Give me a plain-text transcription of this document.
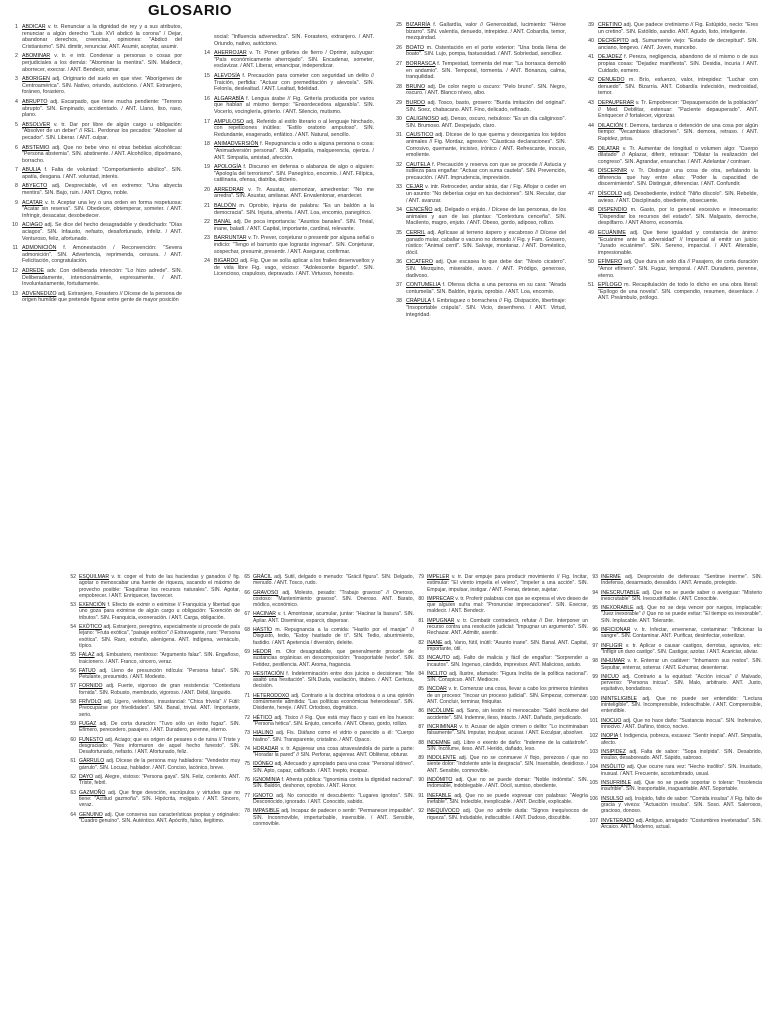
GLOSARIO
1 ABDICAR v. tr. Renunciar a la dignidad de rey y a sus atributos, renunciar a algún derecho "Luis XVI abdicó la corona" / Dejar, abandonar derechos, creencias, opiniones: "Abdicó del Cristianismo". SIN. dimitir, renunciar. ANT. Asumir, aceptar, asumir.
2 ABOMINAR v. tr. e intr. Condenar a personas o cosas por perjudiciales a los demás: "Abominar la mentira". SIN. Maldecir, aborrecer, execrar. / ANT. Bendecir, amar.
3 ABORIGEN adj. Originario del suelo en que vive: "Aborígenes de Centroamérica". SIN. Nativo, oriundo, autóctono. / ANT. Extranjero, foráneo, forastero.
4 ABRUPTO adj. Escarpado, que tiene mucha pendiente: "Terreno abrupto". SIN. Empinado, accidentado. / ANT. Llano, liso, raso, plano.
5 ABSOLVER v. tr. Dar por libre de algún cargo u obligación: "Absolver de un deber" // REL. Perdonar los pecados: "Absolver al pecador". SIN. Liberar. / ANT. culpar.
6 ABSTEMIO adj. Que no bebe vino ni otras bebidas alcohólicas: "Persona abstemia". SIN. abstinente. / ANT. Alcohólico, dipsómano, borracho.
7 ABULIA f. Falta de voluntad: "Comportamiento abúlico". SIN. apatía, desgana. / ANT. voluntad, interés.
8 ABYECTO adj. Despreciable, vil en extremo: "Una abyecta mentira". SIN. Bajo, ruin. / ANT. Digno, noble.
9 ACATAR v. tr. Aceptar una ley o una orden en forma respetuosa: "Acatar sin reserva". SIN. Obedecer, obtemperar, someter. / ANT. Infringir, desacatar, desobedecer.
10 ACIAGO adj. Se dice del hecho desagradable y desdichado: "Días aciagos". SIN. Infausto, nefasto, desafortunado, infeliz. / ANT. Venturoso, feliz, afortunado.
11 ADMONICIÓN f. Amonestación / Reconvención: "Severa admonición". SIN. Advertencia, reprimenda, censura. / ANT. Felicitación, congratulación.
12 ADREDE adv. Con deliberada intención: "Lo hizo adrede". SIN. Deliberadamente, intencionalmente, expresamente. / ANT. Involuntariamente, fortuitamente.
13 ADVENEDIZO adj. Extranjero, Forastero // Dícese de la persona de origen humilde que pretende figurar entre gente de mayor posición
social: "Influencia advenediza". SIN. Forastero, extranjero. / ANT. Oriundo, nativo, autóctono.
14 AHERROJAR v. Tr. Poner grilletes de fierro / Oprimir, subyugar: "País económicamente aherrojado". SIN. Encadenar, someter, esclavizar. / ANT. Liberar, emancipar, independizar.
15 ALEVOSÍA f. Precaución para cometer con seguridad un delito // Traición, perfidia: "Actuar con premeditación y alevosía". SIN. Felonía, deslealtad. / ANT. Lealtad, fidelidad.
16 ALGARABÍA f. Lengua árabe // Fig. Gritería producida por varios que hablan al mismo tiempo: "Ensordecedora algarabía". SIN. Vocerío, vocinglería, griterío. / ANT. Silencio, mutismo.
17 AMPULOSO adj. Referido al estilo literario o al lenguaje hinchado, con repeticiones inútiles: "Estilo oratorio ampuloso". SIN. Redundante, exagerado, enfático. / ANT. Natural, sencillo.
18 ANIMADVERSIÓN f. Repugnancia u odio a alguna persona o cosa: "Animadversión personal". SIN. Antipatía, malquerencia, ojeriza. / ANT. Simpatía, amistad, afección.
19 APOLOGÍA f. Discurso en defensa o alabanza de algo o alguien: "Apología del terrorismo". SIN. Panegírico, encomio. / ANT. Filípica, catilinaria, ofensa, diatriba, dicterio.
20 ARREDRAR v. Tr. Asustar, atemorizar, amedrentar: "No me arredra". SIN. Asustar, amilanar. ANT. Envalentonar, enardecer.
21 BALDÓN m. Oprobio, injuria de palabra: "Es un baldón a la democracia". SIN. Injuria, afrenta. / ANT. Loa, encomio, panegírico.
22 BANAL adj. De poca importancia: "Asuntos banales". SIN. Trivial, inane, baladí. / ANT. Capital, importante, cardinal, relevante.
23 BARRUNTAR v. Tr. Prever, conjeturar o presentir por alguna señal o indicio: "Tengo el barrunto que lograrás ingresar". SIN. Conjeturar, sospechar, presumir, presentir. / ANT. Asegurar, confirmar.
24 BIGARDO adj. Fig. Que se solía aplicar a los frailes desenvueltos y de vida libre Fig. vago, vicioso: "Adolescente bigardo". SIN. Licencioso, crapuloso, depravado. / ANT. Virtuoso, honesto.
25 BIZARRÍA f. Gallardía, valor // Generosidad, lucimiento: "Héroe bizarro". SIN. valentía, denuedo, intrepidez. / ANT. Cobardía, temor, mezquindad.
26 BOATO m. Ostentación en el porte exterior: "Una boda llena de boato". SIN. Lujo, pompa, fastuosidad. / ANT. Sobriedad, sencillez.
27 BORRASCA f. Tempestad, tormenta del mar: "La borrasca demolió en andamio". SIN. Temporal, tormenta. / ANT. Bonanza, calma, tranquilidad.
28 BRUNO adj. De color negro u oscuro: "Pelo bruno". SIN. Negro, oscuro. / ANT. Blanco níveo, albo.
29 BURDO adj. Tosco, basto, grosero: "Burda imitación del original". SIN. Soez, chabacano. ANT. Fino, delicado, refinado.
30 CALIGINOSO adj. Denso, oscuro, nebuloso: "Es un día caliginoso". SIN. Brumoso. ANT. Despejado, claro.
31 CAUSTICO adj. Dícese de lo que quema y desorganiza los tejidos animales // Fig. Mordaz, agresivo: "Cáusticas declaraciones". SIN. Corrosivo, quemante, incisivo, irónico / ANT. Refrescante, inocuo, emoliente.
32 CAUTELA f. Precaución y reserva con que se procede // Astucia y sutileza para engañar: "Actuar con suma cautela". SIN. Prevención, precaución. / ANT. Imprudencia, imprevisión.
33 CEJAR v. intr. Retroceder, andar atrás, dar / Fig. Aflojar o ceder en un asunto: "No deberías cejar en tus decisiones". SIN. Recular, ciar / ANT. avanzar.
34 CENCEÑO adj. Delgado o enjuto. / Dícese de las personas, de los animales y aun de las plantas: "Contextura cenceña". SIN. Macilento, magro, enjuto. / ANT. Obeso, gordo, adiposo, rollizo.
35 CERRIL adj. Aplícase al terreno áspero y escabroso // Dícese del ganado mular, caballar o vacuno no domado // Fig. y Fam. Grosero, rústico: "Animal cerril". SIN. Salvaje, montaraz. / ANT. Doméstico, dócil.
36 CICATERO adj. Que escasea lo que debe dar: "Novio cicatero". SIN. Mezquino, miserable, avaro. / ANT. Pródigo, generoso, dadivoso.
37 CONTUMELIA f. Ofensa dicha a una persona en su cara: "Airada contumelia". SIN. Baldón, injuria, oprobio. / ANT. Loa, encomio.
38 CRÁPULA f. Embriaguez o borrachera // Fig. Disipación, libertinaje: "Insoportable crápula". SIN. Vicio, desenfreno. / ANT. Virtud, integridad.
39 CRETINO adj. Que padece cretinismo // Fig. Estúpido, necio: "Eres un cretino". SIN. Estólido, sandio. ANT. Agudo, listo, inteligente.
40 DECRÉPITO adj. Sumamente viejo: "Estado de decrepitud". SIN. anciano, longevo. / ANT. Joven, mancebo.
41 DEJADEZ f. Pereza, negligencia, abandono de sí mismo o de sus propias cosas: "Dejadez manifiesta". SIN. Desidia, incuria / ANT. Cuidado, esmero.
42 DENUEDO m. Brío, esfuerzo, valor, intrepidez: "Luchar con denuedo". SIN. Bizarría. ANT. Cobardía indecisión, medrosidad, temor.
43 DEPAUPERAR v. Tr. Empobrecer: "Depauperación de la población" // Med. Debilitar, extenuar: "Paciente depauperado". ANT. Enriquecer // fortalecer, vigorizar.
44 DILACIÓN f. Demora, tardanza o detención de una cosa por algún tiempo: "Vecambiaos dilaciones". SIN. demora, retraso. / ANT. Rapidez, prisa.
45 DILATAR v. Tr. Aumentar de longitud o volumen algo: "Cuerpo dilatado" // Aplazar, diferir, retrasar: "Dilatar la realización del congreso". SIN. Agrandar, ensanchar. / ANT. Adelantar / contraer.
46 DISCERNIR v. Tr. Distinguir una cosa de otra, señalando la diferencia que hay entre ellas: "Poder la capacidad de discernimiento". SIN. Distinguir, diferenciar. / ANT. Confundir.
47 DÍSCOLO adj. Desobediente, indócil: "Niño díscolo". SIN. Rebelde, avieso. / ANT. Disciplinado, obediente, obsecuente.
48 DISPENDIO m. Gasto, por lo general excesivo e innecesario: "Dispendiar los recursos del estado". SIN. Malgasto, derroche, despilfarro. / ANT Ahorro, economía.
49 ECUÁNIME adj. Que tiene igualdad y constancia de ánimo: "Ecuánime ante la adversidad" // Imparcial al emitir un juicio: "Jurado ecuánime". SIN. Sereno, imparcial. / ANT. Alterable, impresionable.
50 EFÍMERO adj. Que dura un solo día // Pasajero, de corta duración "Amor efímero". SIN. Fugaz, temporal. / ANT. Duradero, perenne, eterno.
51 EPÍLOGO m. Recapitulación de todo lo dicho en una obra literal: "Epílogo de una novela". SIN. compendio, resumen, desenlace. / ANT. Preámbulo, prólogo.
52 ESQUILMAR v. tr. coger el fruto de las haciendas y ganados // fig. agotar o menoscabar una fuente de riqueza, sacando el máximo de provecho posible: "Esquilmar los recursos naturales". SIN. Agotar, empobrecer. / ANT. Enriquecer, favorecer.
53 EXENCIÓN f. Efecto de eximir o eximirse // Franquicia y libertad que uno goza para eximirse de algún cargo u obligación: "Exención de tributos". SIN. Franquicia, exoneración. / ANT. Carga, obligación.
54 EXÓTICO adj. Extranjero, peregrino, especialmente si procede de país lejano: "Fruta exótica", "paisaje exótico" // Extravagante, raro: "Persona exótica". SIN. Raro, extraño, alienígena. ANT. indígena, vernáculo, típico.
55 FALAZ adj. Embustero, mentiroso: "Argumento falaz". SIN. Engañoso, traicionero. / ANT. Franco, sincero, veraz.
56 FATUO adj. Lleno de presunción ridícula: "Persona fatua". SIN. Petulante, presumido. / ANT. Modesto.
57 FORNIDO adj. Fuerte, vigoroso de gran resistencia: "Contextura fornida". SIN. Robusto, membrudo, vigoroso. / ANT. Débil, lánguido.
58 FRÍVOLO adj. Ligero, veleidoso, insustancial: "Chica frívola" // Fútil: Preocuparse por frivolidades". SIN. Banal, trivial. ANT. Importante, serio.
59 FUGAZ adj. De corta duración: "Tuvo sólo un éxito fugaz". SIN. Efímero, perecedero, pasajero. / ANT. Duradero, perenne, eterno.
60 FUNESTO adj. Aciago; que es origen de pesares o de ruina // Triste y desgraciado: "Nos informaron de aquel hecho funesto". SIN. Desafortunado, nefasto. / ANT. Afortunado, feliz.
61 GÁRRULO adj. Dícese de la persona muy habladora: "Vendedor muy gárrulo". SIN. Locuaz, hablador. / ANT. Conciso, lacónico, breve.
62 DAYO adj. Alegre, vistoso: "Persona gaya". SIN. Feliz, contento. ANT. Triste, febril.
63 GAZMOÑO adj. Que finge devoción, escrúpulos y virtudes que no tiene: "Actitud gazmoña". SIN. Hipócrita, mojigato. / ANT. Sincero, veraz.
64 GENUINO adj. Que conserva sus características propias y originales: "Cuadro genuino". SIN. Auténtico. ANT. Apócrifo, falso, ilegítimo.
65 GRÁCIL adj. Sutil, delgado o menudo: "Grácil figura". SIN. Delgado, menudo. / ANT. Tosco, rudo.
66 GRAVOSO adj. Molesto, pesado: "Trabajo gravoso" // Oneroso, costoso: "Mantenimiento gravoso". SIN. Oneroso. ANT. Barato, módico, económico.
67 HACINAR v. t. Amontonar, acumular, juntar: "Hacinar la basura". SIN. Apilar. ANT. Diseminar, esparcir, dispersar.
68 HASTÍO m. Repugnancia a la comida: "Hastío por el manjar" // Disgusto, tedio, "Estoy hastiado de ti". SIN. Tedio, aburrimiento, fastidio. / ANT. Apetencia / diversión, deleite.
69 HEDOR m. Olor desagradable, que generalmente procede de sustancias orgánicas en descomposición: "Insoportable hedor". SIN. Fetidez, pestilencia. ANT. Aroma, fragancia.
70 HESITACIÓN f. Indeterminación entre dos juicios o decisiones: "Me asaltó una hesitación". SIN.Duda, vacilación, titubeo. / ANT. Certeza, decisión.
71 HETERODOXO adj. Contrario a la doctrina ortodoxa o a una opinión comúnmente admitida: "Las políticas económicas heterodoxas". SIN. Disidente, hereje. / ANT. Ortodoxo, dogmático.
72 HÉTICO adj. Tísico // Fig. Que está muy flaco y casi en los huesos: "Persona hética". SIN. Enjuto, cenceño. / ANT. Obeso, gordo, rollizo.
73 HIALINO adj. Fis. Diáfano como el vidrio o parecido a él: "Cuerpo hialino". SIN. Transparente, cristalino. / ANT. Opaco.
74 HORADAR v. tr. Agujerear una cosa atravesándola de parte a parte: "Horadar la pared" // SIN. Perforar, agujerear. ANT. Obliterar, obturar.
75 IDÓNEO adj. Adecuado y apropiado para una cosa: "Personal idóneo". SIN. Apto, capaz, calificado. / ANT. Inepto, incapaz.
76 IGNOMINIA f. Afrenta pública: "Ignominia contra la dignidad nacional". SIN. Baldón, deshonor, oprobio. / ANT. Honor.
77 IGNOTO adj. No conocido ni descubierto: "Lugares ignotos". SIN. Desconocido, ignorado. / ANT. Conocido, sabido.
78 IMPASIBLE adj. Incapaz de padecer o sentir: "Permanecer impasible". SIN. Inconmovible, imperturbable, insensible. / ANT. Sensible, conmovible.
79 IMPELER v. tr. Dar empuje para producir movimiento // Fig. Incitar, estimular: "El viento impelía el velero", "Impeler a una acción". SIN. Empujar, impulsar, instigar. / ANT. Frenar, detener, sujetar.
80 IMPRECAR v. tr. Proferir palabras con que se expresa el vivo deseo de que alguien sufra mal: "Pronunciar imprecaciones". SIN. Execrar, maldecir. / ANT. Bendecir.
81 IMPUGNAR v. tr. Combatir contradecir, refutar // Der. Interponer un recurso contra una resolución judicial: "Impugnar un argumento". SIN. Rechazar. ANT. Admitir, asentir.
82 INANE adj. Vano, fútil, inútil: "Asunto inane". SIN. Banal. ANT. Capital, importante, útil.
83 INCAUTO adj. Falto de malicia y fácil de engañar: "Sorprender a incautos". SIN. Ingenuo, cándido, imprevisor. ANT. Malicioso, astuto.
84 ÍNCLITO adj. Ilustre, afamado: "Figura ínclita de la política nacional". SIN. Conspicuo. ANT. Mediocre.
85 INCOAR v. tr. Comenzar una cosa, llevar a cabo los primeros trámites de un proceso: "Incoar un proceso judicial". SIN. Empezar, comenzar. ANT. Concluir, terminar, finiquitar.
86 INCÓLUME adj. Sano, sin lesión ni menoscabo: "Salió incólume del accidente". SIN. Indemne, ileso, intacto. / ANT. Dañado, perjudicado.
87 INCRIMINAR v. tr. Acusar de algún crimen o delito: "Lo incriminaban falsamente". SIN. Imputar, inculpar, acusar. / ANT. Exculpar, absolver.
88 INDEMNE adj. Libre o exento de daño: "Indemne de la catástrofe". SIN. Incólume, ileso. ANT. Herido, dañado, leso.
89 INDOLENTE adj. Que no se conmueve // flojo, perezoso / que no siente dolor: "Indolente ante la desgracia". SIN. Insensible, desidioso. / ANT. Sensible, conmovible.
90 INDÓMITO adj. Que no se puede domar: "Noble indómita". SIN. Indomable, indoblegable. / ANT. Dócil, sumiso, obediente.
91 INEFABLE adj. Que no se puede expresar con palabras: "Alegría inefable". SIN. Indecible, inexplicable. / ANT. Decible, explicable.
92 INEQUÍVOCO adj. Que no admite duda: "Signos inequívocos de riqueza". SIN. Indudable, indiscutible. / ANT. Dudoso, discutible.
93 INERME adj. Desprovisto de defensas: "Sentirse inerme". SIN. Indefenso, desarmado, desvalido. / ANT. Armado, protegido.
94 INESCRUTABLE adj. Que no se puede saber o averiguar: "Misterio inescrutable" SIN. Inescudriñable. / ANT. Conocible.
95 INEXORABLE adj. Que no se deja vencer por ruegos, implacable: "Juez inexorable" // Que no se puede evitar: "El tiempo es inexorable". SIN. Implacable. ANT. Tolerante.
96 INFICIONAR v. tr. Infectar, envenenar, contaminar: "Inficionar la sangre". SIN. Contaminar. ANT. Purificar, desinfectar, esterilizar.
97 INFLIGIR v. tr. Aplicar o causar castigos, derrotas, agravios, etc: "Infligir un duro castigo". SIN. Castigar, azotar. / ANT. Acariciar, aliviar.
98 INHUMAR v. tr. Enterrar un cadáver: "Inhumaron sus restos". SIN. Sepultar, enterrar, soterrar. / ANT. Exhumar, desenterrar.
99 INICUO adj. Contrario a la equidad: "Acción inicua" // Malvado, perverso: "Persona inicua". SIN. Malo, arbitrario. ANT. Justo, equitativo, bondadoso.
100 ININTELIGIBLE adj. Que no puede ser entendido: "Lectura ininteligible". SIN. Incomprensible, indescifrable. / ANT. Comprensible, entendible.
101 INOCUO adj. Que no hace daño: "Sustancia inocua". SIN. Inofensivo, innocivo. / ANT. Dañino, tóxico, nocivo.
102 INOPIA f. Indigencia, pobreza, escasez: "Sentir inopia". ANT. Simpatía, afecto.
103 INSIPIDEZ adj. Falta de sabor: "Sopa insípida". SIN. Desabrido, insulso, desaboreado. ANT. Sápido, sabroso.
104 INSÓLITO adj. Que ocurre rara vez: "Hecho insólito". SIN. Inusitado, inusual. / ANT. Frecuente, acostumbrado, usual.
105 INSUFRIBLE adj. Que no se puede soportar o tolerar: "Insolencia insufrible". SIN. Insoportable, inaguantable. ANT. Soportable.
106 INSULSO adj. Insípido, falto de sabor: "Comida insulsa" // Fig. falto de gracia y viveza: "Actuación insulsa". SIN. Soso. ANT. Salerosos, gracioso, donoso.
107 INVETERADO adj. Antiguo, arraigado: "Costumbres inveteradas". SIN. Arcaico. ANT. Moderno, actual.
